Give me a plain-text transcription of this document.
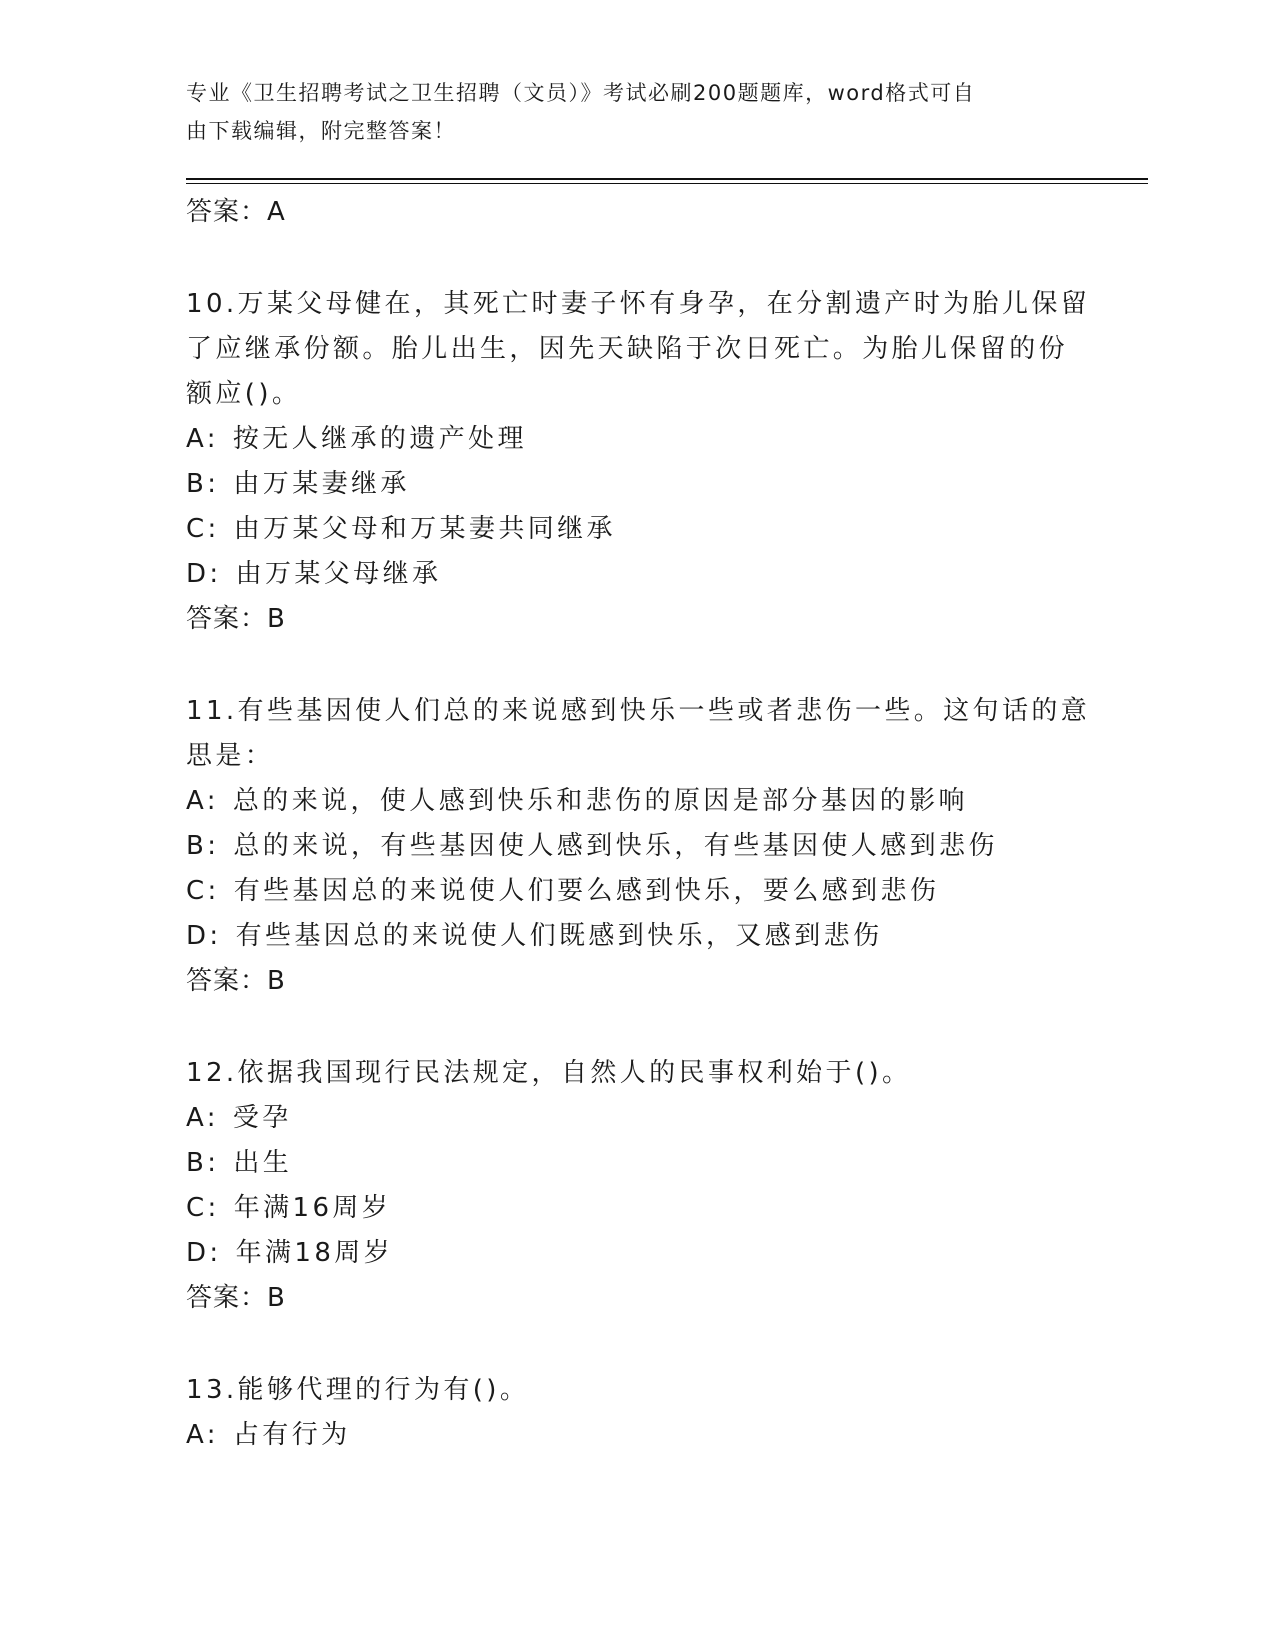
专业《卫生招聘考试之卫生招聘（文员）》考试必刷200题题库，word格式可自
由下载编辑，附完整答案！
答案：A
10.万某父母健在，其死亡时妻子怀有身孕，在分割遗产时为胎儿保留
了应继承份额。胎儿出生，因先天缺陷于次日死亡。为胎儿保留的份
额应()。
A: 按无人继承的遗产处理
B: 由万某妻继承
C: 由万某父母和万某妻共同继承
D: 由万某父母继承
答案：B
11.有些基因使人们总的来说感到快乐一些或者悲伤一些。这句话的意
思是：
A: 总的来说，使人感到快乐和悲伤的原因是部分基因的影响
B: 总的来说，有些基因使人感到快乐，有些基因使人感到悲伤
C: 有些基因总的来说使人们要么感到快乐，要么感到悲伤
D: 有些基因总的来说使人们既感到快乐，又感到悲伤
答案：B
12.依据我国现行民法规定，自然人的民事权利始于()。
A: 受孕
B: 出生
C: 年满16周岁
D: 年满18周岁
答案：B
13.能够代理的行为有()。
A: 占有行为
